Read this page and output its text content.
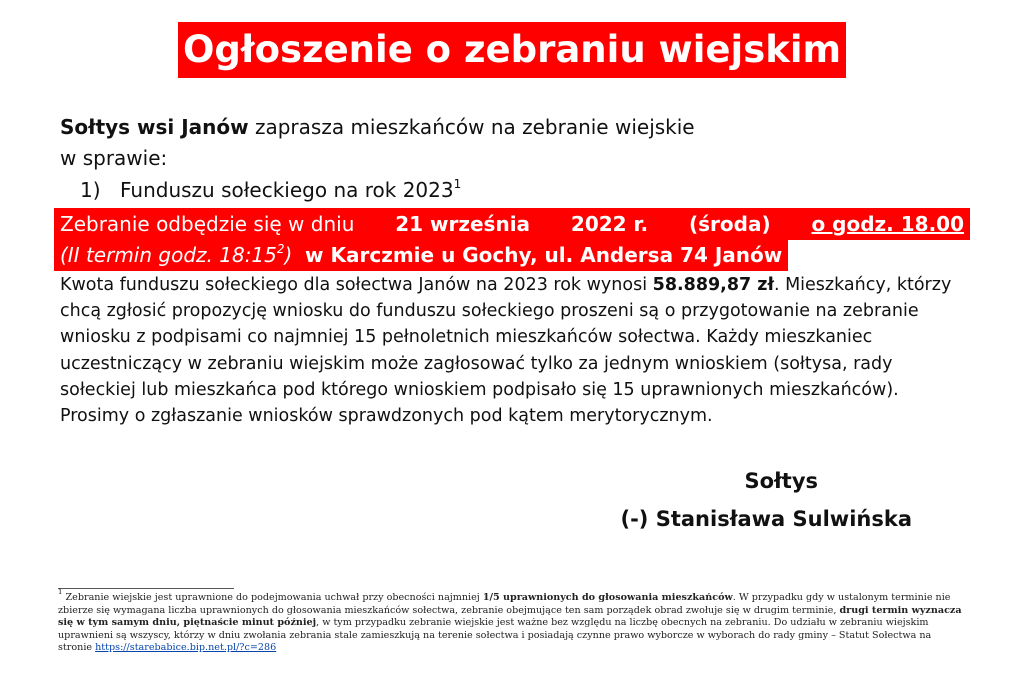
Ogłoszenie o zebraniu wiejskim
Sołtys wsi Janów zaprasza mieszkańców na zebranie wiejskie
w sprawie:
1) Funduszu sołeckiego na rok 2023$^1$
Zebranie odbędzie się w dniu 21 września 2022 r. (środa) o godz. 18.00
(II termin godz. $18:15^2$) w Karczmie u Gochy, ul. Andersa 74 Janów

Kwota funduszu sołeckiego dla sołectwa Janów na 2023 rok wynosi 58.889,87 zł. Mieszkańcy, którzy

chcą zgłosić propozycję wniosku do funduszu sołeckiego proszeni są o przygotowanie na zebranie

wniosku z podpisami co najmniej 15 pełnoletnich mieszkańców sołectwa. Każdy mieszkaniec

uczestniczący w zebraniu wiejskim może zagłosować tylko za jednym wnioskiem (sołtysa, rady

sołeckiej lub mieszkańca pod którego wnioskiem podpisało się 15 uprawnionych mieszkańców).

Prosimy o zgłaszanie wniosków sprawdzonych pod kątem merytorycznym.

Sołtys
(-) Stanisława Sulwińska

$^1$ Zebranie wiejskie jest uprawnione do podejmowania uchwał przy obecności najmniej 1/5 uprawnionych do głosowania mieszkańców. W przypadku gdy w ustalonym terminie nie

zbierze się wymagana liczba uprawnionych do głosowania mieszkańców sołectwa, zebranie obejmujące ten sam porządek obrad zwołuje się w drugim terminie, drugi termin wyznacza

się w tym samym dniu, piętnaście minut później, w tym przypadku zebranie wiejskie jest ważne bez względu na liczbę obecnych na zebraniu. Do udziału w zebraniu wiejskim

uprawnieni są wszyscy, którzy w dniu zwołania zebrania stale zamieszkują na terenie sołectwa i posiadają czynne prawo wyborcze w wyborach do rady gminy – Statut Sołectwa na

stronie https://starebabice.bip.net.pl/?c=286
